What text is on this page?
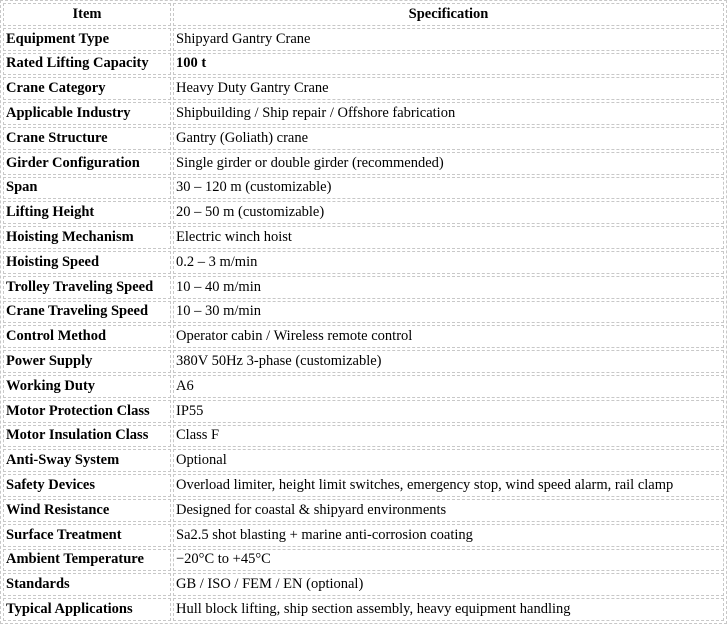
Item	Specification
Equipment Type	Shipyard Gantry Crane
Rated Lifting Capacity	100 t
Crane Category	Heavy Duty Gantry Crane
Applicable Industry	Shipbuilding / Ship repair / Offshore fabrication
Crane Structure	Gantry (Goliath) crane
Girder Configuration	Single girder or double girder (recommended)
Span	30 – 120 m (customizable)
Lifting Height	20 – 50 m (customizable)
Hoisting Mechanism	Electric winch hoist
Hoisting Speed	0.2 – 3 m/min
Trolley Traveling Speed	10 – 40 m/min
Crane Traveling Speed	10 – 30 m/min
Control Method	Operator cabin / Wireless remote control
Power Supply	380V 50Hz 3-phase (customizable)
Working Duty	A6
Motor Protection Class	IP55
Motor Insulation Class	Class F
Anti-Sway System	Optional
Safety Devices	Overload limiter, height limit switches, emergency stop, wind speed alarm, rail clamp
Wind Resistance	Designed for coastal & shipyard environments
Surface Treatment	Sa2.5 shot blasting + marine anti-corrosion coating
Ambient Temperature	−20°C to +45°C
Standards	GB / ISO / FEM / EN (optional)
Typical Applications	Hull block lifting, ship section assembly, heavy equipment handling
